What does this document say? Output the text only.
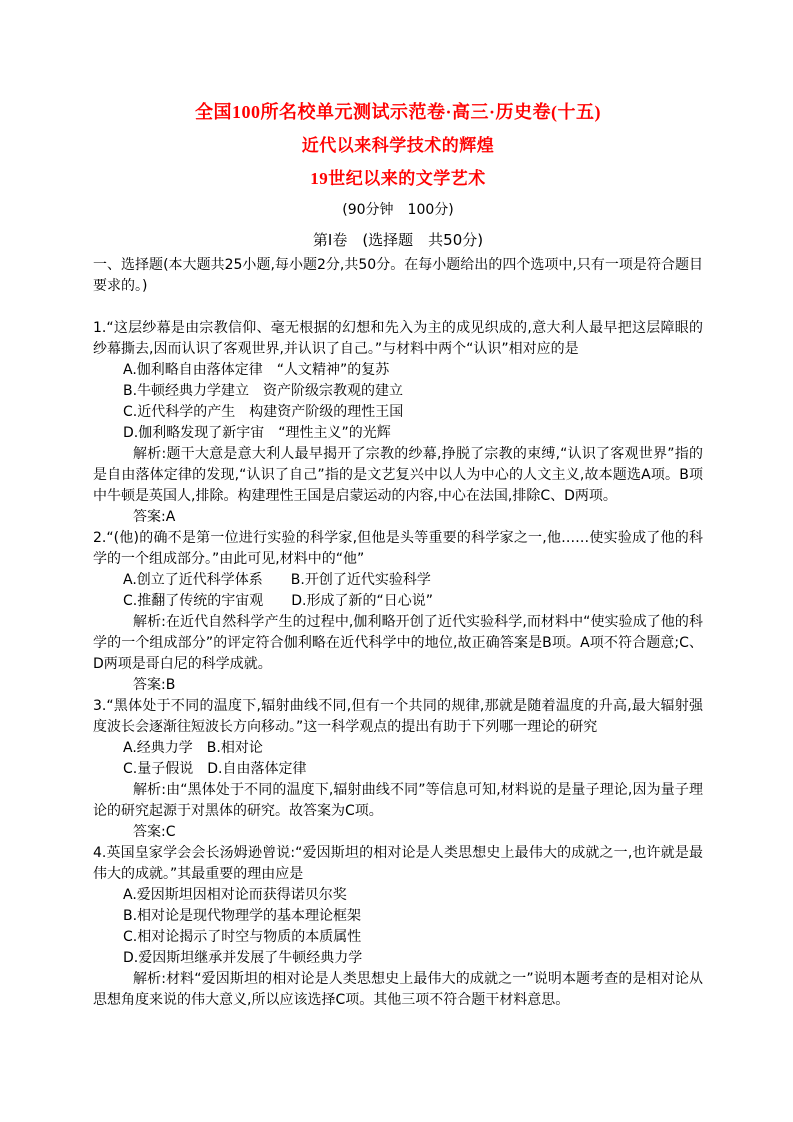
全国100所名校单元测试示范卷·高三·历史卷(十五)
近代以来科学技术的辉煌
19世纪以来的文学艺术

(90分钟　100分)

第Ⅰ卷　(选择题　共50分)

一、选择题(本大题共25小题,每小题2分,共50分。在每小题给出的四个选项中,只有一项是符合题目要求的。)

1.“这层纱幕是由宗教信仰、毫无根据的幻想和先入为主的成见织成的,意大利人最早把这层障眼的纱幕撕去,因而认识了客观世界,并认识了自己。”与材料中两个“认识”相对应的是

A.伽利略自由落体定律　“人文精神”的复苏

B.牛顿经典力学建立　资产阶级宗教观的建立

C.近代科学的产生　构建资产阶级的理性王国

D.伽利略发现了新宇宙　“理性主义”的光辉

解析:题干大意是意大利人最早揭开了宗教的纱幕,挣脱了宗教的束缚,“认识了客观世界”指的是自由落体定律的发现,“认识了自己”指的是文艺复兴中以人为中心的人文主义,故本题选A项。B项中牛顿是英国人,排除。构建理性王国是启蒙运动的内容,中心在法国,排除C、D两项。

答案:A

2.“(他)的确不是第一位进行实验的科学家,但他是头等重要的科学家之一,他……使实验成了他的科学的一个组成部分。”由此可见,材料中的“他”

A.创立了近代科学体系　　B.开创了近代实验科学

C.推翻了传统的宇宙观　　D.形成了新的“日心说”

解析:在近代自然科学产生的过程中,伽利略开创了近代实验科学,而材料中“使实验成了他的科学的一个组成部分”的评定符合伽利略在近代科学中的地位,故正确答案是B项。A项不符合题意;C、D两项是哥白尼的科学成就。

答案:B

3.“黑体处于不同的温度下,辐射曲线不同,但有一个共同的规律,那就是随着温度的升高,最大辐射强度波长会逐渐往短波长方向移动。”这一科学观点的提出有助于下列哪一理论的研究

A.经典力学　B.相对论

C.量子假说　D.自由落体定律

解析:由“黑体处于不同的温度下,辐射曲线不同”等信息可知,材料说的是量子理论,因为量子理论的研究起源于对黑体的研究。故答案为C项。

答案:C

4.英国皇家学会会长汤姆逊曾说:“爱因斯坦的相对论是人类思想史上最伟大的成就之一,也许就是最伟大的成就。”其最重要的理由应是

A.爱因斯坦因相对论而获得诺贝尔奖

B.相对论是现代物理学的基本理论框架

C.相对论揭示了时空与物质的本质属性

D.爱因斯坦继承并发展了牛顿经典力学

解析:材料“爱因斯坦的相对论是人类思想史上最伟大的成就之一”说明本题考查的是相对论从思想角度来说的伟大意义,所以应该选择C项。其他三项不符合题干材料意思。
